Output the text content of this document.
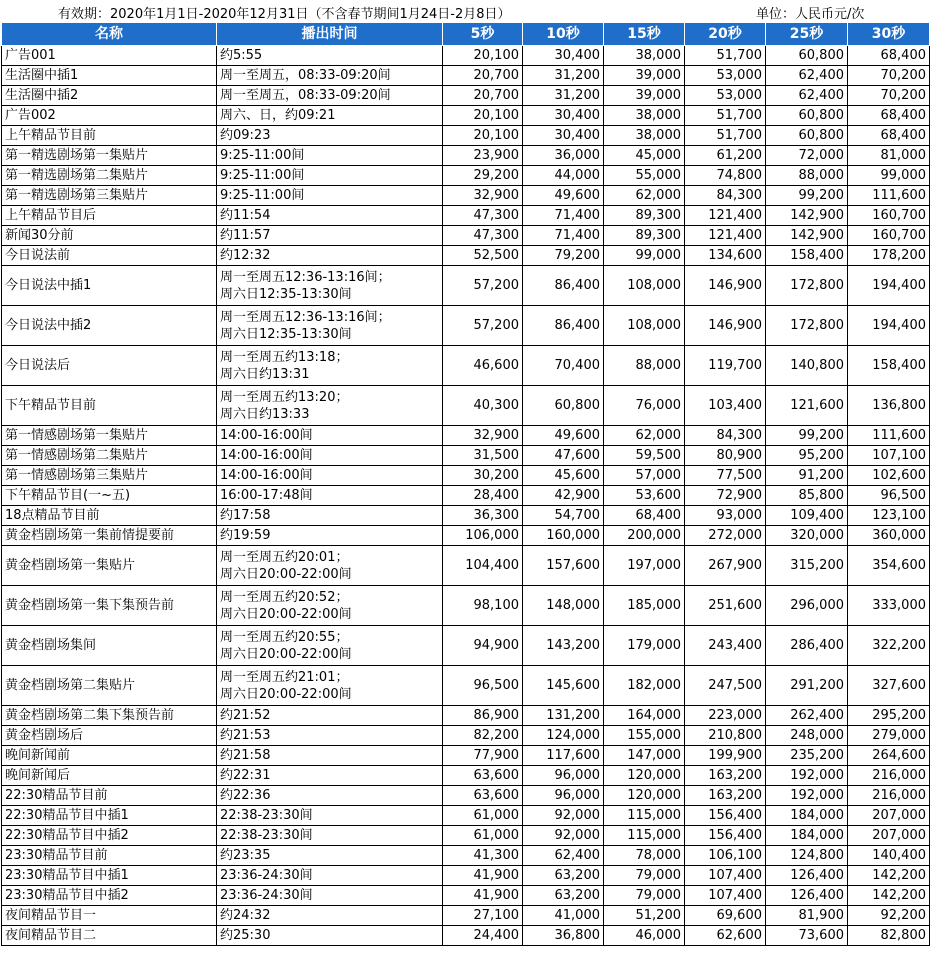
有效期：2020年1月1日-2020年12月31日（不含春节期间1月24日-2月8日）	单位：人民币元/次
名称	播出时间	5秒	10秒	15秒	20秒	25秒	30秒
广告001	约5:55	20,100	30,400	38,000	51,700	60,800	68,400
生活圈中插1	周一至周五，08:33-09:20间	20,700	31,200	39,000	53,000	62,400	70,200
生活圈中插2	周一至周五，08:33-09:20间	20,700	31,200	39,000	53,000	62,400	70,200
广告002	周六、日，约09:21	20,100	30,400	38,000	51,700	60,800	68,400
上午精品节目前	约09:23	20,100	30,400	38,000	51,700	60,800	68,400
第一精选剧场第一集贴片	9:25-11:00间	23,900	36,000	45,000	61,200	72,000	81,000
第一精选剧场第二集贴片	9:25-11:00间	29,200	44,000	55,000	74,800	88,000	99,000
第一精选剧场第三集贴片	9:25-11:00间	32,900	49,600	62,000	84,300	99,200	111,600
上午精品节目后	约11:54	47,300	71,400	89,300	121,400	142,900	160,700
新闻30分前	约11:57	47,300	71,400	89,300	121,400	142,900	160,700
今日说法前	约12:32	52,500	79,200	99,000	134,600	158,400	178,200
今日说法中插1	周一至周五12:36-13:16间；
周六日12:35-13:30间	57,200	86,400	108,000	146,900	172,800	194,400
今日说法中插2	周一至周五12:36-13:16间；
周六日12:35-13:30间	57,200	86,400	108,000	146,900	172,800	194,400
今日说法后	周一至周五约13:18；
周六日约13:31	46,600	70,400	88,000	119,700	140,800	158,400
下午精品节目前	周一至周五约13:20；
周六日约13:33	40,300	60,800	76,000	103,400	121,600	136,800
第一情感剧场第一集贴片	14:00-16:00间	32,900	49,600	62,000	84,300	99,200	111,600
第一情感剧场第二集贴片	14:00-16:00间	31,500	47,600	59,500	80,900	95,200	107,100
第一情感剧场第三集贴片	14:00-16:00间	30,200	45,600	57,000	77,500	91,200	102,600
下午精品节目(一~五)	16:00-17:48间	28,400	42,900	53,600	72,900	85,800	96,500
18点精品节目前	约17:58	36,300	54,700	68,400	93,000	109,400	123,100
黄金档剧场第一集前情提要前	约19:59	106,000	160,000	200,000	272,000	320,000	360,000
黄金档剧场第一集贴片	周一至周五约20:01；
周六日20:00-22:00间	104,400	157,600	197,000	267,900	315,200	354,600
黄金档剧场第一集下集预告前	周一至周五约20:52；
周六日20:00-22:00间	98,100	148,000	185,000	251,600	296,000	333,000
黄金档剧场集间	周一至周五约20:55；
周六日20:00-22:00间	94,900	143,200	179,000	243,400	286,400	322,200
黄金档剧场第二集贴片	周一至周五约21:01；
周六日20:00-22:00间	96,500	145,600	182,000	247,500	291,200	327,600
黄金档剧场第二集下集预告前	约21:52	86,900	131,200	164,000	223,000	262,400	295,200
黄金档剧场后	约21:53	82,200	124,000	155,000	210,800	248,000	279,000
晚间新闻前	约21:58	77,900	117,600	147,000	199,900	235,200	264,600
晚间新闻后	约22:31	63,600	96,000	120,000	163,200	192,000	216,000
22:30精品节目前	约22:36	63,600	96,000	120,000	163,200	192,000	216,000
22:30精品节目中插1	22:38-23:30间	61,000	92,000	115,000	156,400	184,000	207,000
22:30精品节目中插2	22:38-23:30间	61,000	92,000	115,000	156,400	184,000	207,000
23:30精品节目前	约23:35	41,300	62,400	78,000	106,100	124,800	140,400
23:30精品节目中插1	23:36-24:30间	41,900	63,200	79,000	107,400	126,400	142,200
23:30精品节目中插2	23:36-24:30间	41,900	63,200	79,000	107,400	126,400	142,200
夜间精品节目一	约24:32	27,100	41,000	51,200	69,600	81,900	92,200
夜间精品节目二	约25:30	24,400	36,800	46,000	62,600	73,600	82,800
